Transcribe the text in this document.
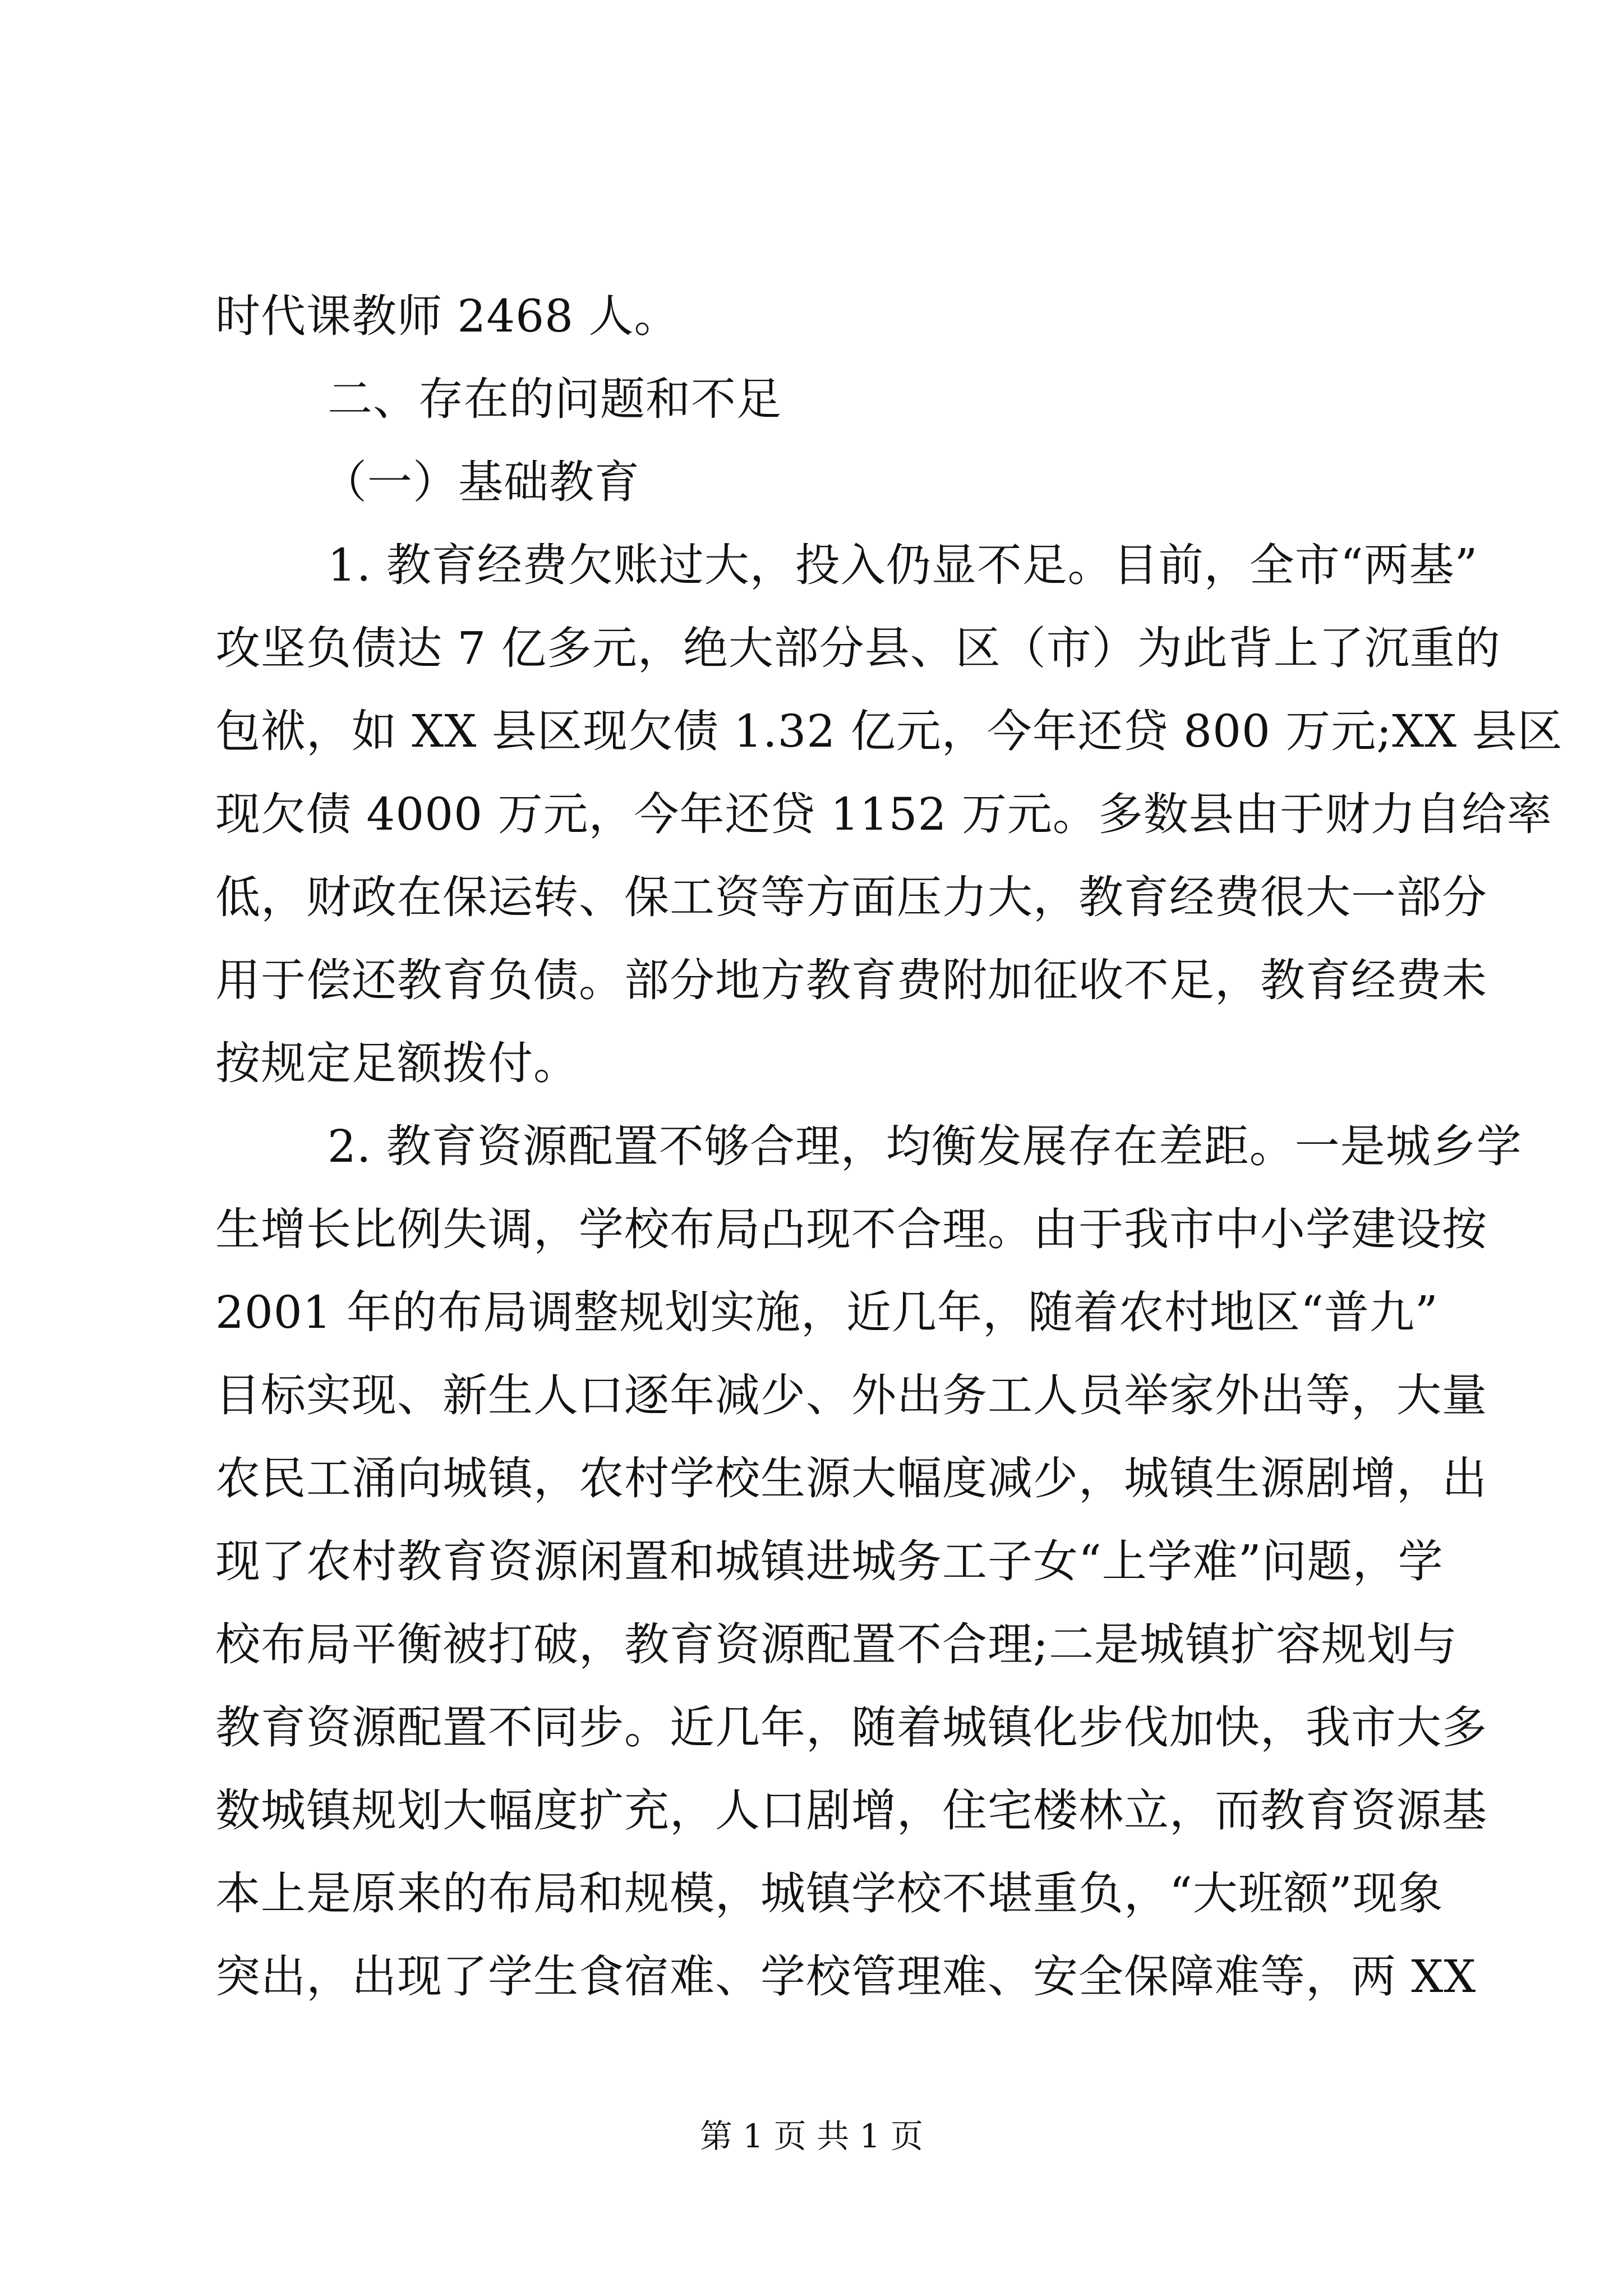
时代课教师 2468 人。
二、存在的问题和不足
（一）基础教育
1. 教育经费欠账过大，投入仍显不足。目前，全市“两基”
攻坚负债达 7 亿多元，绝大部分县、区（市）为此背上了沉重的
包袱，如 XX 县区现欠债 1.32 亿元，今年还贷 800 万元;XX 县区
现欠债 4000 万元，今年还贷 1152 万元。多数县由于财力自给率
低，财政在保运转、保工资等方面压力大，教育经费很大一部分
用于偿还教育负债。部分地方教育费附加征收不足，教育经费未
按规定足额拨付。
2. 教育资源配置不够合理，均衡发展存在差距。一是城乡学
生增长比例失调，学校布局凸现不合理。由于我市中小学建设按
2001 年的布局调整规划实施，近几年，随着农村地区“普九”
目标实现、新生人口逐年减少、外出务工人员举家外出等，大量
农民工涌向城镇，农村学校生源大幅度减少，城镇生源剧增，出
现了农村教育资源闲置和城镇进城务工子女“上学难”问题，学
校布局平衡被打破，教育资源配置不合理;二是城镇扩容规划与
教育资源配置不同步。近几年，随着城镇化步伐加快，我市大多
数城镇规划大幅度扩充，人口剧增，住宅楼林立，而教育资源基
本上是原来的布局和规模，城镇学校不堪重负，“大班额”现象
突出，出现了学生食宿难、学校管理难、安全保障难等，两 XX
第 1 页 共 1 页
